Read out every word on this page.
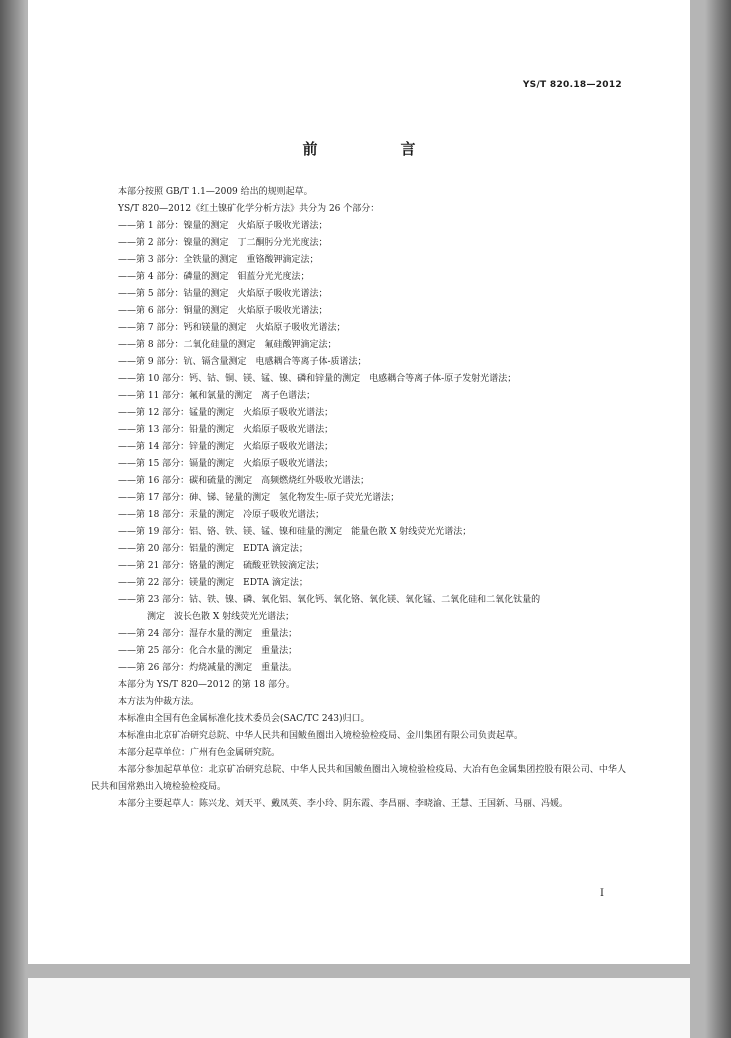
YS/T 820.18—2012
前　言
本部分按照 GB/T 1.1—2009 给出的规则起草。
YS/T 820—2012《红土镍矿化学分析方法》共分为 26 个部分：
——第 1 部分：镍量的测定　火焰原子吸收光谱法；
——第 2 部分：镍量的测定　丁二酮肟分光光度法；
——第 3 部分：全铁量的测定　重铬酸钾滴定法；
——第 4 部分：磷量的测定　钼蓝分光光度法；
——第 5 部分：钴量的测定　火焰原子吸收光谱法；
——第 6 部分：铜量的测定　火焰原子吸收光谱法；
——第 7 部分：钙和镁量的测定　火焰原子吸收光谱法；
——第 8 部分：二氧化硅量的测定　氟硅酸钾滴定法；
——第 9 部分：钪、镉含量测定　电感耦合等离子体-质谱法；
——第 10 部分：钙、钴、铜、镁、锰、镍、磷和锌量的测定　电感耦合等离子体-原子发射光谱法；
——第 11 部分：氟和氯量的测定　离子色谱法；
——第 12 部分：锰量的测定　火焰原子吸收光谱法；
——第 13 部分：铅量的测定　火焰原子吸收光谱法；
——第 14 部分：锌量的测定　火焰原子吸收光谱法；
——第 15 部分：镉量的测定　火焰原子吸收光谱法；
——第 16 部分：碳和硫量的测定　高频燃烧红外吸收光谱法；
——第 17 部分：砷、锑、铋量的测定　氢化物发生-原子荧光光谱法；
——第 18 部分：汞量的测定　冷原子吸收光谱法；
——第 19 部分：铝、铬、铁、镁、锰、镍和硅量的测定　能量色散 X 射线荧光光谱法；
——第 20 部分：铝量的测定　EDTA 滴定法；
——第 21 部分：铬量的测定　硫酸亚铁铵滴定法；
——第 22 部分：镁量的测定　EDTA 滴定法；
——第 23 部分：钴、铁、镍、磷、氧化铝、氧化钙、氧化铬、氧化镁、氧化锰、二氧化硅和二氧化钛量的
测定　波长色散 X 射线荧光光谱法；
——第 24 部分：湿存水量的测定　重量法；
——第 25 部分：化合水量的测定　重量法；
——第 26 部分：灼烧减量的测定　重量法。
本部分为 YS/T 820—2012 的第 18 部分。
本方法为仲裁方法。
本标准由全国有色金属标准化技术委员会(SAC/TC 243)归口。
本标准由北京矿冶研究总院、中华人民共和国鲅鱼圈出入境检验检疫局、金川集团有限公司负责起草。
本部分起草单位：广州有色金属研究院。
本部分参加起草单位：北京矿冶研究总院、中华人民共和国鲅鱼圈出入境检验检疫局、大冶有色金属集团控股有限公司、中华人民共和国常熟出入境检验检疫局。
本部分主要起草人：陈兴龙、刘天平、戴凤英、李小玲、阴东霞、李昌丽、李晓渝、王慧、王国新、马丽、冯媛。
I
